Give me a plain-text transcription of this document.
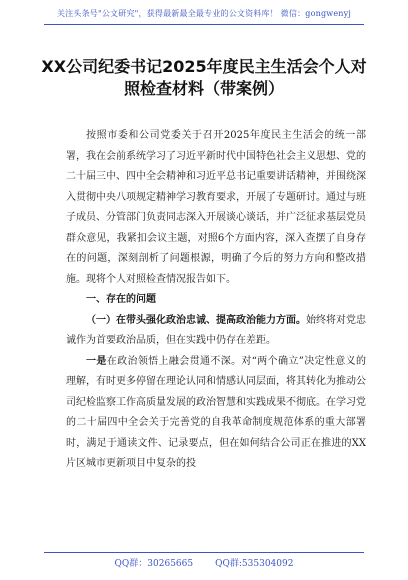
关注头条号"公文研究"，获得最新最全最专业的公文资料库！ 微信：gongwenyj
XX公司纪委书记2025年度民主生活会个人对照检查材料（带案例）

按照市委和公司党委关于召开2025年度民主生活会的统一部署，我在会前系统学习了习近平新时代中国特色社会主义思想、党的二十届三中、四中全会精神和习近平总书记重要讲话精神，并围绕深入贯彻中央八项规定精神学习教育要求，开展了专题研讨。通过与班子成员、分管部门负责同志深入开展谈心谈话，并广泛征求基层党员群众意见，我紧扣会议主题，对照6个方面内容，深入查摆了自身存在的问题，深刻剖析了问题根源，明确了今后的努力方向和整改措施。现将个人对照检查情况报告如下。

一、存在的问题

（一）在带头强化政治忠诚、提高政治能力方面。始终将对党忠诚作为首要政治品质，但在实践中仍存在差距。

一是在政治领悟上融会贯通不深。对“两个确立”决定性意义的理解，有时更多停留在理论认同和情感认同层面，将其转化为推动公司纪检监察工作高质量发展的政治智慧和实践成果不彻底。在学习党的二十届四中全会关于完善党的自我革命制度规范体系的重大部署时，满足于通读文件、记录要点，但在如何结合公司正在推进的XX片区城市更新项目中复杂的投

QQ群：30265665 QQ群:535304092
